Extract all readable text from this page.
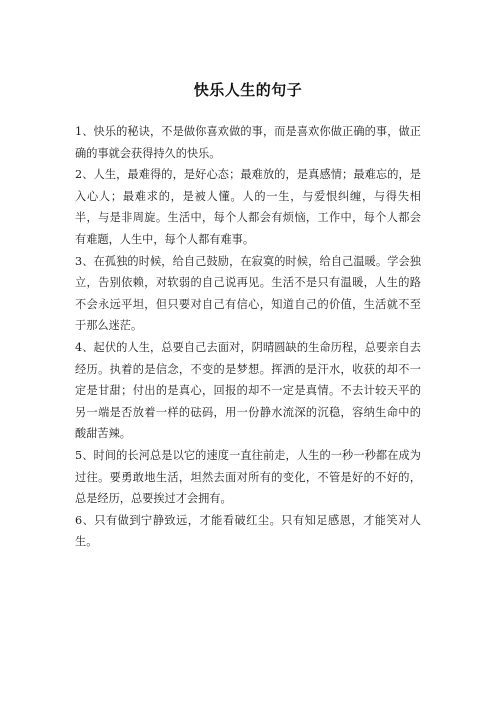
快乐人生的句子

1、快乐的秘诀，不是做你喜欢做的事，而是喜欢你做正确的事，做正确的事就会获得持久的快乐。

2、人生，最难得的，是好心态；最难放的，是真感情；最难忘的，是入心人；最难求的，是被人懂。人的一生，与爱恨纠缠，与得失相半，与是非周旋。生活中，每个人都会有烦恼，工作中，每个人都会有难题，人生中，每个人都有难事。

3、在孤独的时候，给自己鼓励，在寂寞的时候，给自己温暖。学会独立，告别依赖，对软弱的自己说再见。生活不是只有温暖，人生的路不会永远平坦，但只要对自己有信心，知道自己的价值，生活就不至于那么迷茫。

4、起伏的人生，总要自己去面对，阴晴圆缺的生命历程，总要亲自去经历。执着的是信念，不变的是梦想。挥洒的是汗水，收获的却不一定是甘甜；付出的是真心，回报的却不一定是真情。不去计较天平的另一端是否放着一样的砝码，用一份静水流深的沉稳，容纳生命中的酸甜苦辣。

5、时间的长河总是以它的速度一直往前走，人生的一秒一秒都在成为过往。要勇敢地生活，坦然去面对所有的变化，不管是好的不好的，总是经历，总要挨过才会拥有。

6、只有做到宁静致远，才能看破红尘。只有知足感恩，才能笑对人生。
